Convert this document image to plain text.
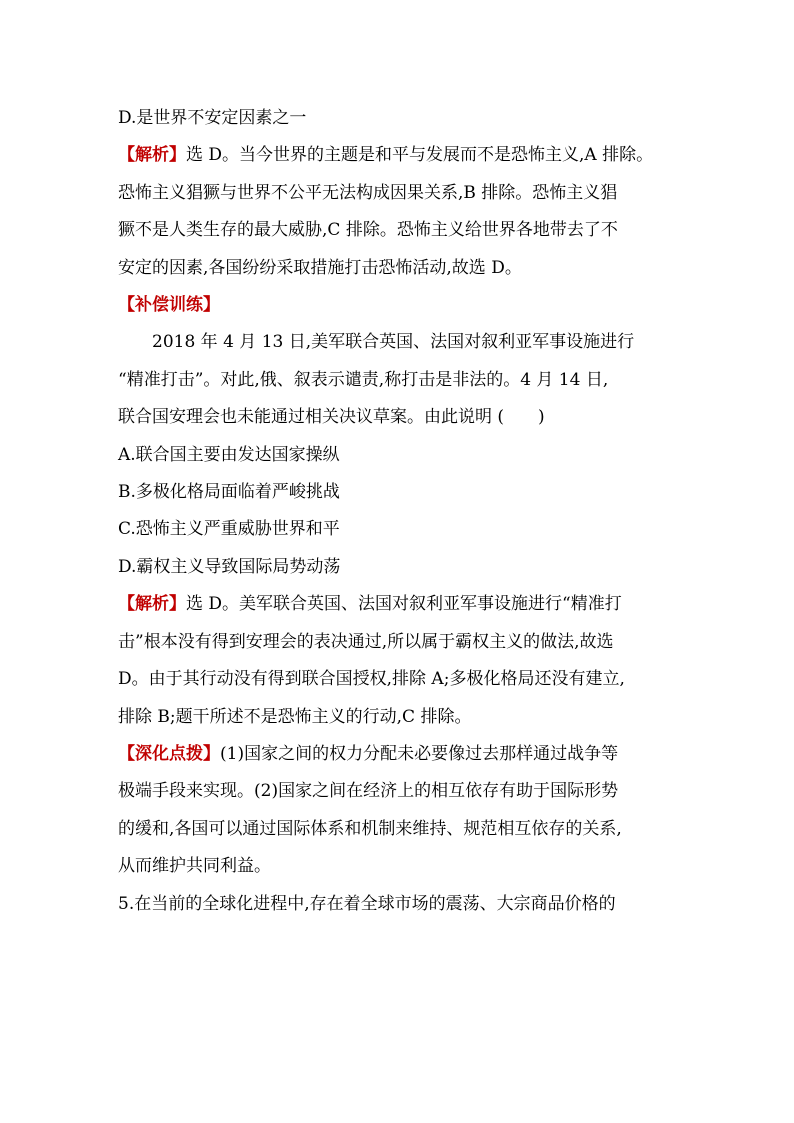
D.是世界不安定因素之一
【解析】选 D。当今世界的主题是和平与发展而不是恐怖主义,A 排除。
恐怖主义猖獗与世界不公平无法构成因果关系,B 排除。恐怖主义猖
獗不是人类生存的最大威胁,C 排除。恐怖主义给世界各地带去了不
安定的因素,各国纷纷采取措施打击恐怖活动,故选 D。
【补偿训练】
2018 年 4 月 13 日,美军联合英国、法国对叙利亚军事设施进行
“精准打击”。对此,俄、叙表示谴责,称打击是非法的。4 月 14 日,
联合国安理会也未能通过相关决议草案。由此说明 (　　)
A.联合国主要由发达国家操纵
B.多极化格局面临着严峻挑战
C.恐怖主义严重威胁世界和平
D.霸权主义导致国际局势动荡
【解析】选 D。美军联合英国、法国对叙利亚军事设施进行“精准打
击”根本没有得到安理会的表决通过,所以属于霸权主义的做法,故选
D。由于其行动没有得到联合国授权,排除 A;多极化格局还没有建立,
排除 B;题干所述不是恐怖主义的行动,C 排除。
【深化点拨】(1)国家之间的权力分配未必要像过去那样通过战争等
极端手段来实现。(2)国家之间在经济上的相互依存有助于国际形势
的缓和,各国可以通过国际体系和机制来维持、规范相互依存的关系,
从而维护共同利益。
5.在当前的全球化进程中,存在着全球市场的震荡、大宗商品价格的
